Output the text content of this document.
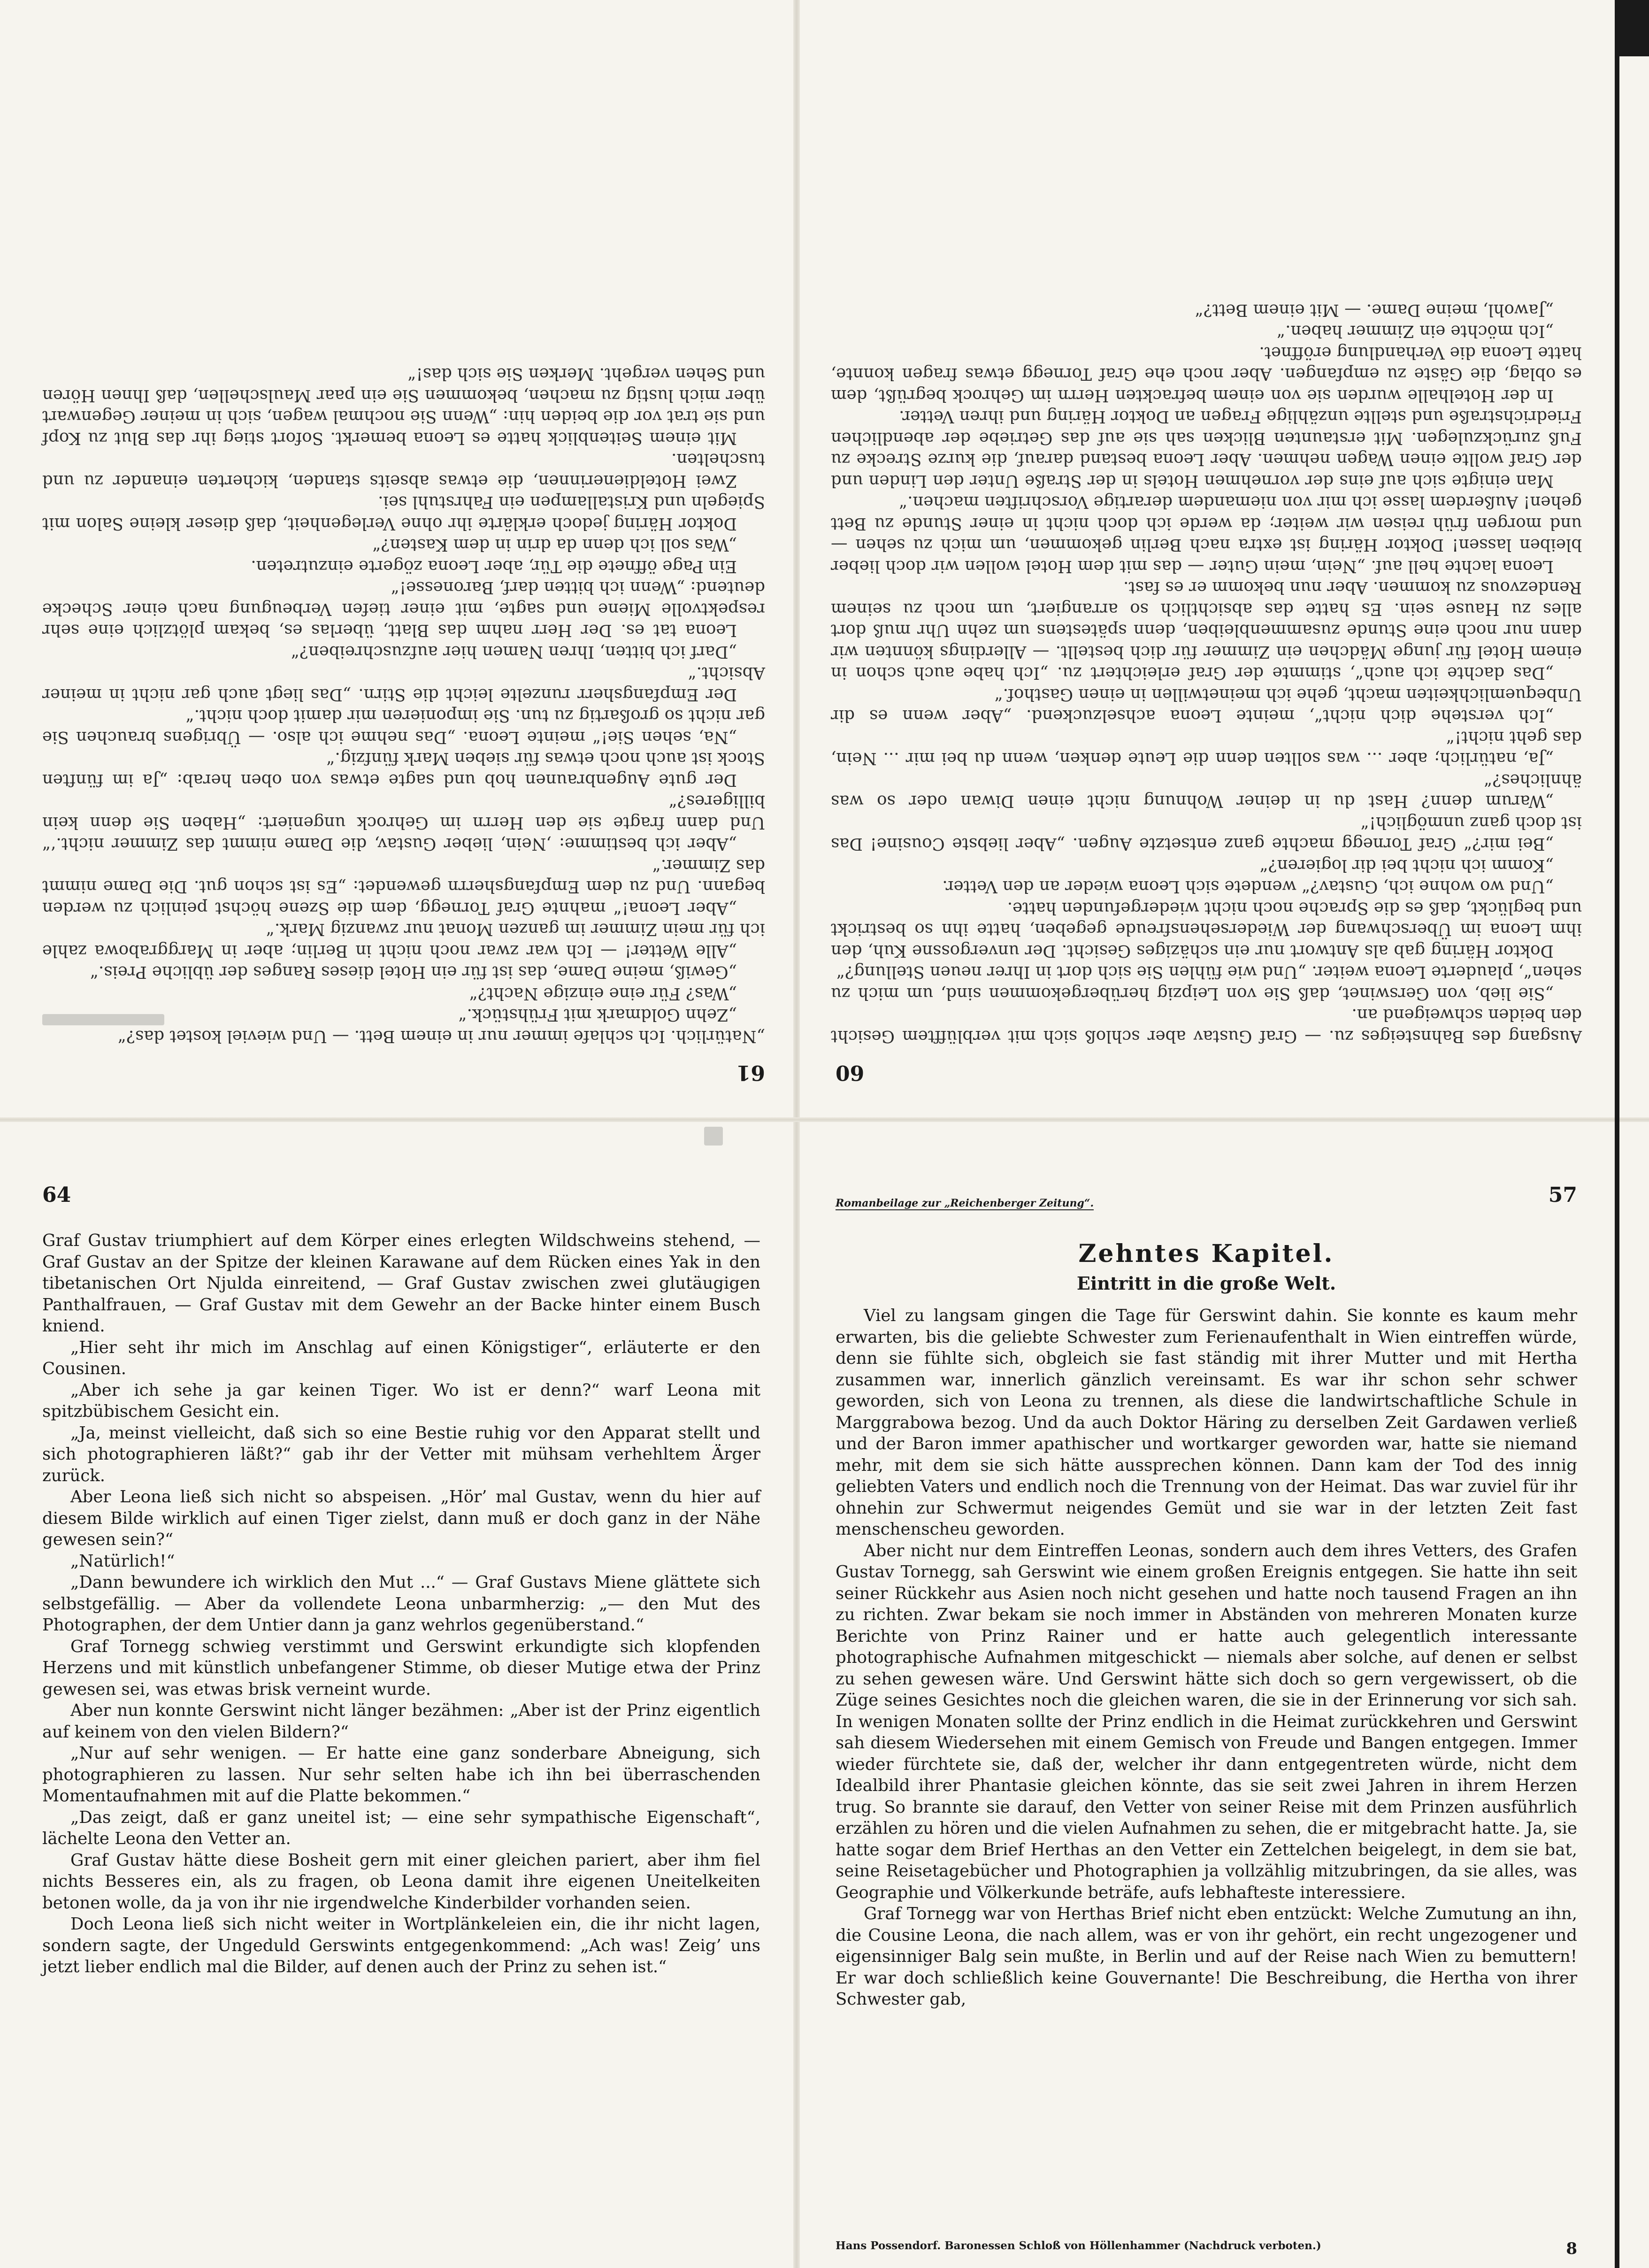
61

„Natürlich. Ich schlafe immer nur in einem Bett. — Und wieviel kostet das?“

„Zehn Goldmark mit Frühstück.“

„Was? Für eine einzige Nacht?“

„Gewiß, meine Dame, das ist für ein Hotel dieses Ranges der übliche Preis.“

„Alle Wetter! — Ich war zwar noch nicht in Berlin; aber in Marggrabowa zahle ich für mein Zimmer im ganzen Monat nur zwanzig Mark.“

„Aber Leona!“ mahnte Graf Tornegg, dem die Szene höchst peinlich zu werden begann. Und zu dem Empfangsherrn gewendet: „Es ist schon gut. Die Dame nimmt das Zimmer.“

„Aber ich bestimme: ‚Nein, lieber Gustav, die Dame nimmt das Zimmer nicht.‘“ Und dann fragte sie den Herrn im Gehrock ungeniert: „Haben Sie denn kein billigeres?“

Der gute Augenbraunen hob und sagte etwas von oben herab: „Ja im fünften Stock ist auch noch etwas für sieben Mark fünfzig.“

„Na, sehen Sie!“ meinte Leona. „Das nehme ich also. — Übrigens brauchen Sie gar nicht so großartig zu tun. Sie imponieren mir damit doch nicht.“

Der Empfangsherr runzelte leicht die Stirn. „Das liegt auch gar nicht in meiner Absicht.“

„Darf ich bitten, Ihren Namen hier aufzuschreiben?“

Leona tat es. Der Herr nahm das Blatt, überlas es, bekam plötzlich eine sehr respektvolle Miene und sagte, mit einer tiefen Verbeugung nach einer Schecke deutend: „Wenn ich bitten darf, Baronesse!“

Ein Page öffnete die Tür, aber Leona zögerte einzutreten.

„Was soll ich denn da drin in dem Kasten?“

Doktor Häring jedoch erklärte ihr ohne Verlegenheit, daß dieser kleine Salon mit Spiegeln und Kristallampen ein Fahrstuhl sei.

Zwei Hoteldienerinnen, die etwas abseits standen, kicherten einander zu und tuschelten.

Mit einem Seitenblick hatte es Leona bemerkt. Sofort stieg ihr das Blut zu Kopf und sie trat vor die beiden hin: „Wenn Sie nochmal wagen, sich in meiner Gegenwart über mich lustig zu machen, bekommen Sie ein paar Maulschellen, daß Ihnen Hören und Sehen vergeht. Merken Sie sich das!“

60

Ausgang des Bahnsteiges zu. — Graf Gustav aber schloß sich mit verblüfftem Gesicht den beiden schweigend an.

„Sie lieb, von Gerswinet, daß Sie von Leipzig herübergekommen sind, um mich zu sehen“, plauderte Leona weiter. „Und wie fühlen Sie sich dort in Ihrer neuen Stellung?“

Doktor Häring gab als Antwort nur ein schäziges Gesicht. Der unvergossne Kuh, den ihm Leona im Überschwang der Wiedersehensfreude gegeben, hatte ihn so bestrickt und beglückt, daß es die Sprache noch nicht wiedergefunden hatte.

„Und wo wohne ich, Gustav?“ wendete sich Leona wieder an den Vetter.

„Komm ich nicht bei dir logieren?“

„Bei mir?“ Graf Tornegg machte ganz entsetzte Augen. „Aber liebste Cousine! Das ist doch ganz unmöglich!“

„Warum denn? Hast du in deiner Wohnung nicht einen Diwan oder so was ähnliches?“

„Ja, natürlich; aber ... was sollten denn die Leute denken, wenn du bei mir ... Nein, das geht nicht!“

„Ich verstehe dich nicht“, meinte Leona achselzuckend. „Aber wenn es dir Unbequemlichkeiten macht, gehe ich meinetwillen in einen Gasthof.“

„Das dachte ich auch“, stimmte der Graf erleichtert zu. „Ich habe auch schon in einem Hotel für junge Mädchen ein Zimmer für dich bestellt. — Allerdings könnten wir dann nur noch eine Stunde zusammenbleiben, denn spätestens um zehn Uhr muß dort alles zu Hause sein. Es hatte das absichtlich so arrangiert, um noch zu seinem Rendezvous zu kommen. Aber nun bekomm er es fast.

Leona lachte hell auf. „Nein, mein Guter — das mit dem Hotel wollen wir doch lieber bleiben lassen! Doktor Häring ist extra nach Berlin gekommen, um mich zu sehen — und morgen früh reisen wir weiter; da werde ich doch nicht in einer Stunde zu Bett gehen! Außerdem lasse ich mir von niemandem derartige Vorschriften machen.“

Man einigte sich auf eins der vornehmen Hotels in der Straße Unter den Linden und der Graf wollte einen Wagen nehmen. Aber Leona bestand darauf, die kurze Strecke zu Fuß zurückzulegen. Mit erstaunten Blicken sah sie auf das Getriebe der abendlichen Friedrichstraße und stellte unzählige Fragen an Doktor Häring und ihren Vetter.

In der Hotelhalle wurden sie von einem befrackten Herrn im Gehrock begrüßt, dem es oblag, die Gäste zu empfangen. Aber noch ehe Graf Tornegg etwas fragen konnte, hatte Leona die Verhandlung eröffnet.

„Ich möchte ein Zimmer haben.“

„Jawohl, meine Dame. — Mit einem Bett?“

64

Graf Gustav triumphiert auf dem Körper eines erlegten Wildschweins stehend, — Graf Gustav an der Spitze der kleinen Karawane auf dem Rücken eines Yak in den tibetanischen Ort Njulda einreitend, — Graf Gustav zwischen zwei glutäugigen Panthalfrauen, — Graf Gustav mit dem Gewehr an der Backe hinter einem Busch kniend.

„Hier seht ihr mich im Anschlag auf einen Königstiger“, erläuterte er den Cousinen.

„Aber ich sehe ja gar keinen Tiger. Wo ist er denn?“ warf Leona mit spitzbübischem Gesicht ein.

„Ja, meinst vielleicht, daß sich so eine Bestie ruhig vor den Apparat stellt und sich photographieren läßt?“ gab ihr der Vetter mit mühsam verhehltem Ärger zurück.

Aber Leona ließ sich nicht so abspeisen. „Hör’ mal Gustav, wenn du hier auf diesem Bilde wirklich auf einen Tiger zielst, dann muß er doch ganz in der Nähe gewesen sein?“

„Natürlich!“

„Dann bewundere ich wirklich den Mut ...“ — Graf Gustavs Miene glättete sich selbstgefällig. — Aber da vollendete Leona unbarmherzig: „— den Mut des Photographen, der dem Untier dann ja ganz wehrlos gegenüberstand.“

Graf Tornegg schwieg verstimmt und Gerswint erkundigte sich klopfenden Herzens und mit künstlich unbefangener Stimme, ob dieser Mutige etwa der Prinz gewesen sei, was etwas brisk verneint wurde.

Aber nun konnte Gerswint nicht länger bezähmen: „Aber ist der Prinz eigentlich auf keinem von den vielen Bildern?“

„Nur auf sehr wenigen. — Er hatte eine ganz sonderbare Abneigung, sich photographieren zu lassen. Nur sehr selten habe ich ihn bei überraschenden Momentaufnahmen mit auf die Platte bekommen.“

„Das zeigt, daß er ganz uneitel ist; — eine sehr sympathische Eigenschaft“, lächelte Leona den Vetter an.

Graf Gustav hätte diese Bosheit gern mit einer gleichen pariert, aber ihm fiel nichts Besseres ein, als zu fragen, ob Leona damit ihre eigenen Uneitelkeiten betonen wolle, da ja von ihr nie irgendwelche Kinderbilder vorhanden seien.

Doch Leona ließ sich nicht weiter in Wortplänkeleien ein, die ihr nicht lagen, sondern sagte, der Ungeduld Gerswints entgegenkommend: „Ach was! Zeig’ uns jetzt lieber endlich mal die Bilder, auf denen auch der Prinz zu sehen ist.“

Romanbeilage zur „Reichenberger Zeitung“.	57
Zehntes Kapitel.
Eintritt in die große Welt.

Viel zu langsam gingen die Tage für Gerswint dahin. Sie konnte es kaum mehr erwarten, bis die geliebte Schwester zum Ferienaufenthalt in Wien eintreffen würde, denn sie fühlte sich, obgleich sie fast ständig mit ihrer Mutter und mit Hertha zusammen war, innerlich gänzlich vereinsamt. Es war ihr schon sehr schwer geworden, sich von Leona zu trennen, als diese die landwirtschaftliche Schule in Marggrabowa bezog. Und da auch Doktor Häring zu derselben Zeit Gardawen verließ und der Baron immer apathischer und wortkarger geworden war, hatte sie niemand mehr, mit dem sie sich hätte aussprechen können. Dann kam der Tod des innig geliebten Vaters und endlich noch die Trennung von der Heimat. Das war zuviel für ihr ohnehin zur Schwermut neigendes Gemüt und sie war in der letzten Zeit fast menschenscheu geworden.

Aber nicht nur dem Eintreffen Leonas, sondern auch dem ihres Vetters, des Grafen Gustav Tornegg, sah Gerswint wie einem großen Ereignis entgegen. Sie hatte ihn seit seiner Rückkehr aus Asien noch nicht gesehen und hatte noch tausend Fragen an ihn zu richten. Zwar bekam sie noch immer in Abständen von mehreren Monaten kurze Berichte von Prinz Rainer und er hatte auch gelegentlich interessante photographische Aufnahmen mitgeschickt — niemals aber solche, auf denen er selbst zu sehen gewesen wäre. Und Gerswint hätte sich doch so gern vergewissert, ob die Züge seines Gesichtes noch die gleichen waren, die sie in der Erinnerung vor sich sah. In wenigen Monaten sollte der Prinz endlich in die Heimat zurückkehren und Gerswint sah diesem Wiedersehen mit einem Gemisch von Freude und Bangen entgegen. Immer wieder fürchtete sie, daß der, welcher ihr dann entgegentreten würde, nicht dem Idealbild ihrer Phantasie gleichen könnte, das sie seit zwei Jahren in ihrem Herzen trug. So brannte sie darauf, den Vetter von seiner Reise mit dem Prinzen ausführlich erzählen zu hören und die vielen Aufnahmen zu sehen, die er mitgebracht hatte. Ja, sie hatte sogar dem Brief Herthas an den Vetter ein Zettelchen beigelegt, in dem sie bat, seine Reisetagebücher und Photographien ja vollzählig mitzubringen, da sie alles, was Geographie und Völkerkunde beträfe, aufs lebhafteste interessiere.

Graf Tornegg war von Herthas Brief nicht eben entzückt: Welche Zumutung an ihn, die Cousine Leona, die nach allem, was er von ihr gehört, ein recht ungezogener und eigensinniger Balg sein mußte, in Berlin und auf der Reise nach Wien zu bemuttern! Er war doch schließlich keine Gouvernante! Die Beschreibung, die Hertha von ihrer Schwester gab,

Hans Possendorf. Baronessen Schloß von Höllenhammer (Nachdruck verboten.)	8
